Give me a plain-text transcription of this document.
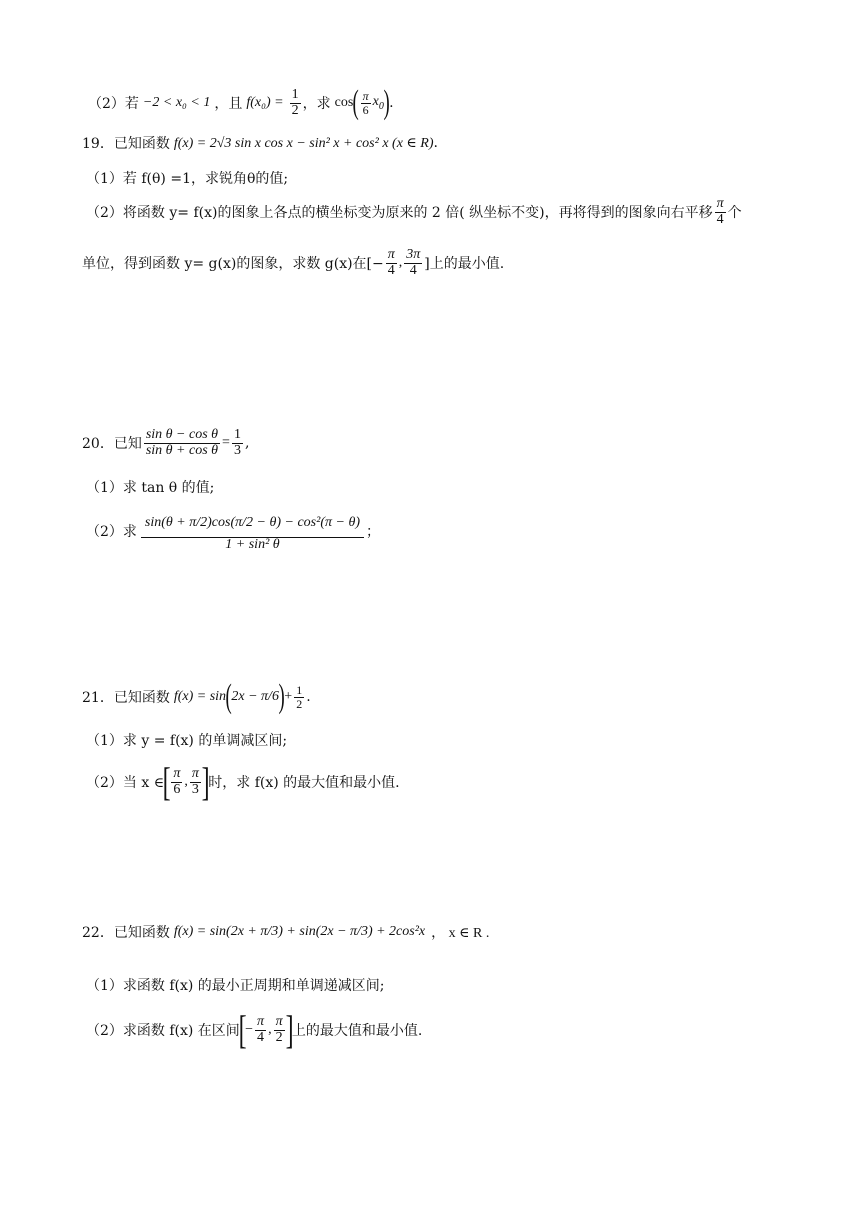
（2）若 −2 < x₀ < 1 ，且 $f(x_0) = \frac{1}{2}$ ，求 cos ( $\frac{\pi}{6} x_0$ ) .
19．已知函数 f(x) = 2√3 sin x cos x − sin² x + cos² x (x ∈ R) .
（1）若 f(θ) =1，求锐角θ的值;
（2）将函数 y= f(x)的图象上各点的横坐标变为原来的 2 倍( 纵坐标不变)，再将得到的图象向右平移 $\frac{\pi}{4}$ 个
单位，得到函数 y= g(x)的图象，求数 g(x)在[− $\frac{\pi}{4}$ , $\frac{3\pi}{4}$ ]上的最小值.
20．已知 $\frac{\text{sin θ − cos θ}}{\text{sin θ + cos θ}} = \frac{1}{3}$ ,
（1）求 tan θ 的值;
（2）求 $\frac{\text{sin(θ + π/2)cos(π/2 − θ) − cos²(π − θ)}}{\text{1 + sin² θ}}$ ；
21．已知函数 f(x) = sin ( 2x − π/6 ) + $\frac{1}{2}$ .
（1）求 y = f(x) 的单调减区间;
（2）当 x ∈
[ $\frac{\pi}{6}$ , $\frac{\pi}{3}$ ]
时，求 f(x) 的最大值和最小值.
22．已知函数 f(x) = sin(2x + π/3) + sin(2x − π/3) + 2cos²x ， x ∈ R .
（1）求函数 f(x) 的最小正周期和单调递减区间;
（2）求函数 f(x) 在区间
[
− $\frac{\pi}{4}$ , $\frac{\pi}{2}$ ]
上的最大值和最小值.
